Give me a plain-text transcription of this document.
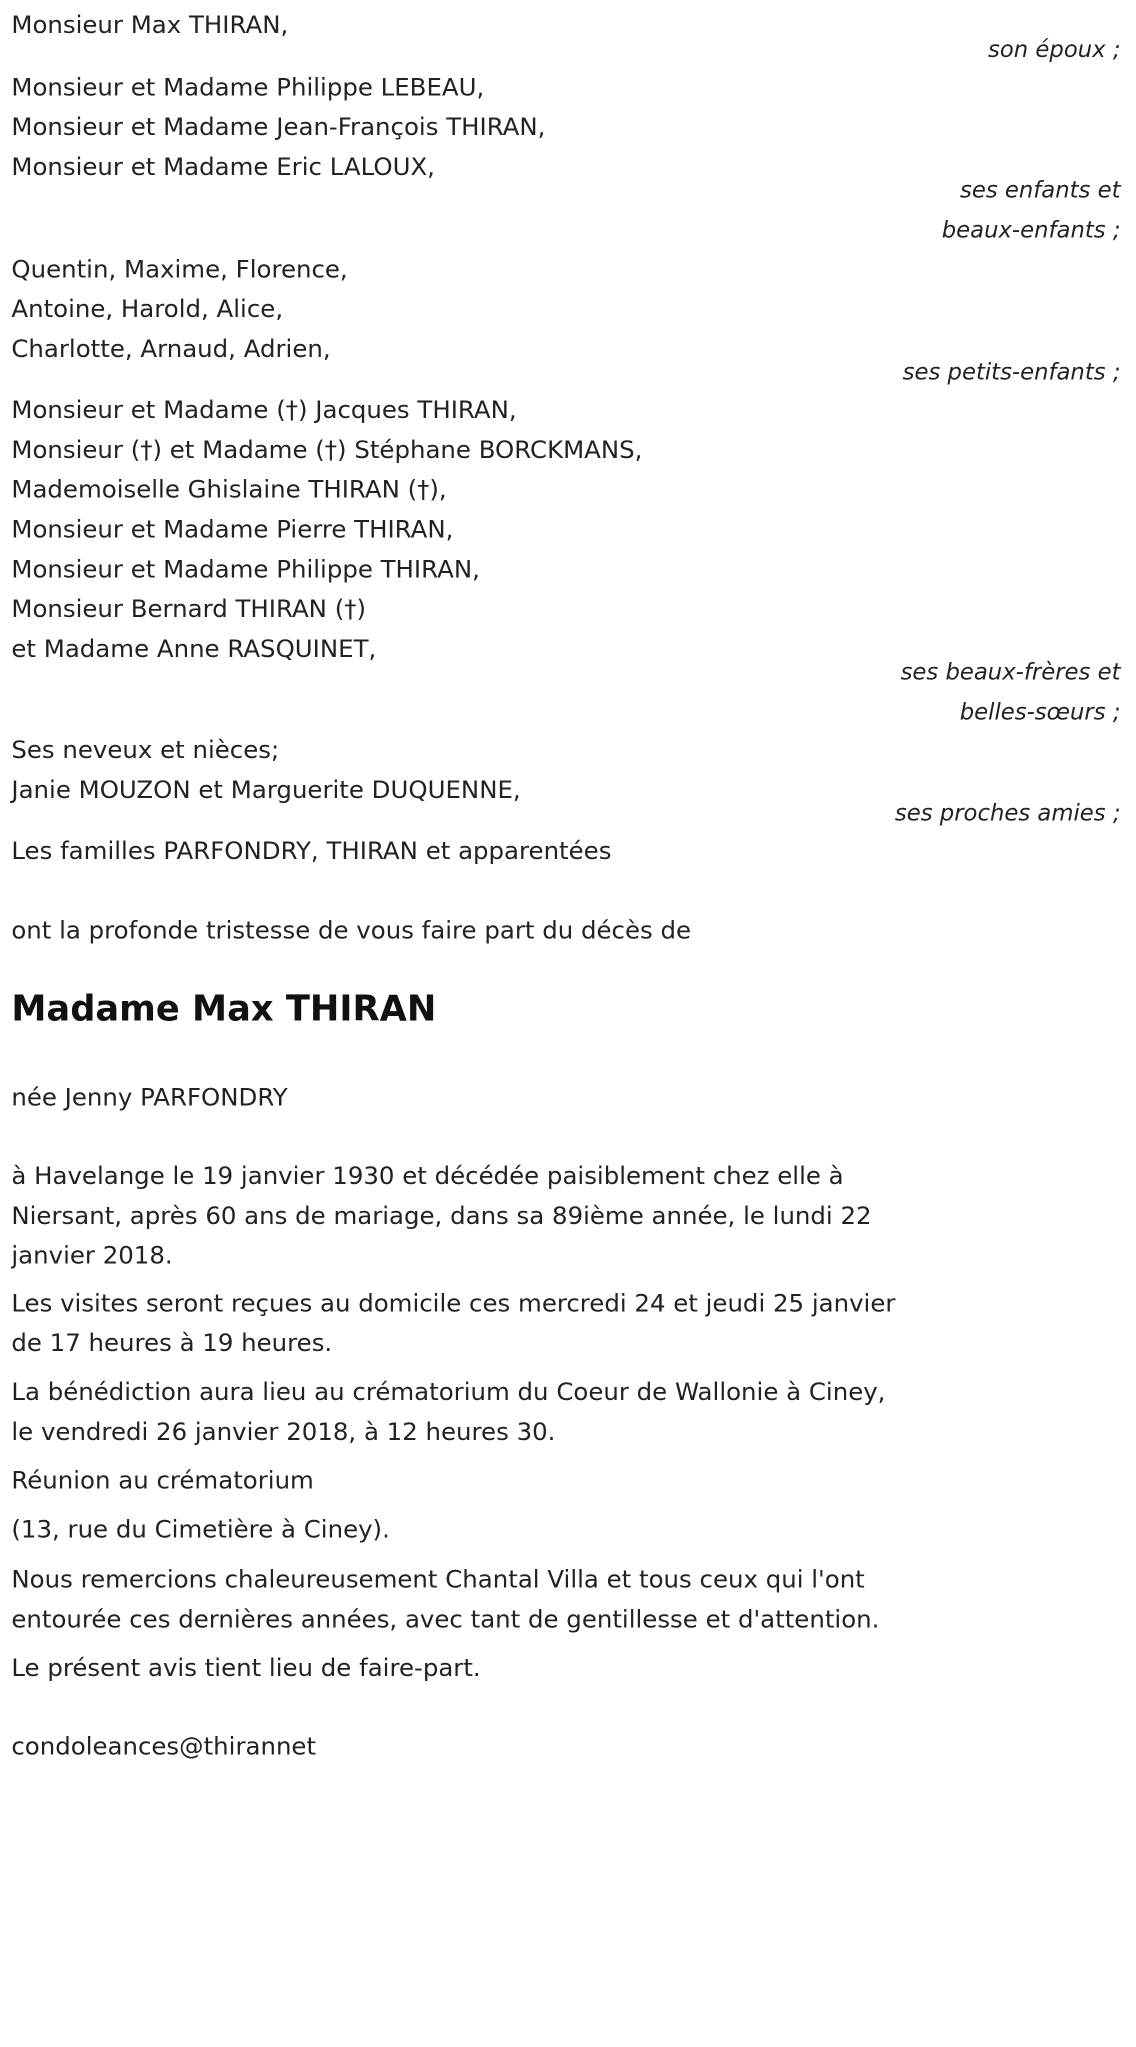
Monsieur Max THIRAN,
son époux ;
Monsieur et Madame Philippe LEBEAU,
Monsieur et Madame Jean-François THIRAN,
Monsieur et Madame Eric LALOUX,
ses enfants et
beaux-enfants ;
Quentin, Maxime, Florence,
Antoine, Harold, Alice,
Charlotte, Arnaud, Adrien,
ses petits-enfants ;
Monsieur et Madame (†) Jacques THIRAN,
Monsieur (†) et Madame (†) Stéphane BORCKMANS,
Mademoiselle Ghislaine THIRAN (†),
Monsieur et Madame Pierre THIRAN,
Monsieur et Madame Philippe THIRAN,
Monsieur Bernard THIRAN (†)
et Madame Anne RASQUINET,
ses beaux-frères et
belles-sœurs ;
Ses neveux et nièces;
Janie MOUZON et Marguerite DUQUENNE,
ses proches amies ;
Les familles PARFONDRY, THIRAN et apparentées
ont la profonde tristesse de vous faire part du décès de
Madame Max THIRAN
née Jenny PARFONDRY
à Havelange le 19 janvier 1930 et décédée paisiblement chez elle à
Niersant, après 60 ans de mariage, dans sa 89ième année, le lundi 22
janvier 2018.
Les visites seront reçues au domicile ces mercredi 24 et jeudi 25 janvier
de 17 heures à 19 heures.
La bénédiction aura lieu au crématorium du Coeur de Wallonie à Ciney,
le vendredi 26 janvier 2018, à 12 heures 30.
Réunion au crématorium
(13, rue du Cimetière à Ciney).
Nous remercions chaleureusement Chantal Villa et tous ceux qui l'ont
entourée ces dernières années, avec tant de gentillesse et d'attention.
Le présent avis tient lieu de faire-part.
condoleances@thirannet
